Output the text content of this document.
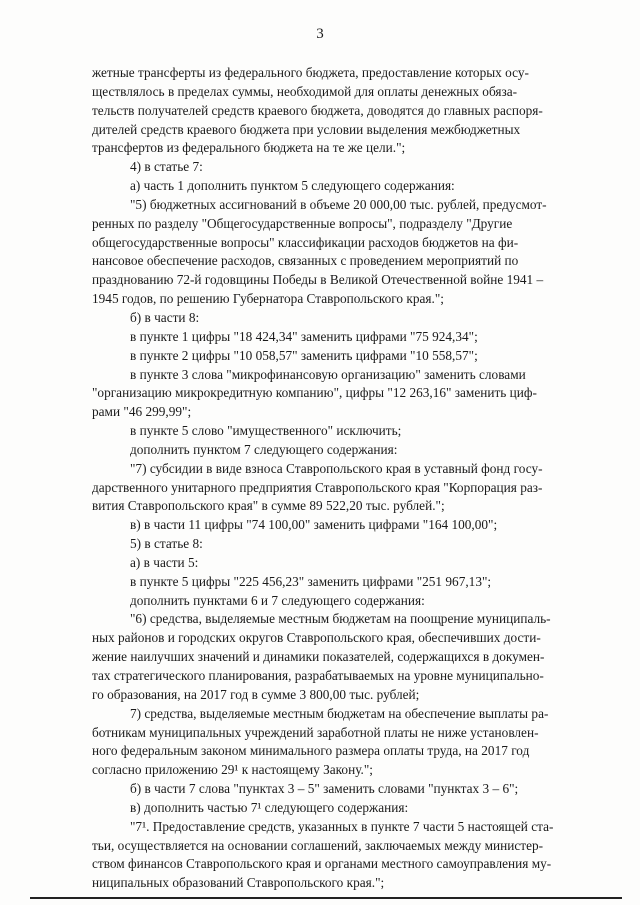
3

жетные трансферты из федерального бюджета, предоставление которых осу-

ществлялось в пределах суммы, необходимой для оплаты денежных обяза-

тельств получателей средств краевого бюджета, доводятся до главных распоря-

дителей средств краевого бюджета при условии выделения межбюджетных

трансфертов из федерального бюджета на те же цели.";

4) в статье 7:

а) часть 1 дополнить пунктом 5 следующего содержания:

"5) бюджетных ассигнований в объеме 20 000,00 тыс. рублей, предусмот-

ренных по разделу "Общегосударственные вопросы", подразделу "Другие

общегосударственные вопросы" классификации расходов бюджетов на фи-

нансовое обеспечение расходов, связанных с проведением мероприятий по

празднованию 72-й годовщины Победы в Великой Отечественной войне 1941 –

1945 годов, по решению Губернатора Ставропольского края.";

б) в части 8:

в пункте 1 цифры "18 424,34" заменить цифрами "75 924,34";

в пункте 2 цифры "10 058,57" заменить цифрами "10 558,57";

в пункте 3 слова "микрофинансовую организацию" заменить словами

"организацию микрокредитную компанию", цифры "12 263,16" заменить циф-

рами "46 299,99";

в пункте 5 слово "имущественного" исключить;

дополнить пунктом 7 следующего содержания:

"7) субсидии в виде взноса Ставропольского края в уставный фонд госу-

дарственного унитарного предприятия Ставропольского края "Корпорация раз-

вития Ставропольского края" в сумме 89 522,20 тыс. рублей.";

в) в части 11 цифры "74 100,00" заменить цифрами "164 100,00";

5) в статье 8:

а) в части 5:

в пункте 5 цифры "225 456,23" заменить цифрами "251 967,13";

дополнить пунктами 6 и 7 следующего содержания:

"6) средства, выделяемые местным бюджетам на поощрение муниципаль-

ных районов и городских округов Ставропольского края, обеспечивших дости-

жение наилучших значений и динамики показателей, содержащихся в докумен-

тах стратегического планирования, разрабатываемых на уровне муниципально-

го образования, на 2017 год в сумме 3 800,00 тыс. рублей;

7) средства, выделяемые местным бюджетам на обеспечение выплаты ра-

ботникам муниципальных учреждений заработной платы не ниже установлен-

ного федеральным законом минимального размера оплаты труда, на 2017 год

согласно приложению 29¹ к настоящему Закону.";

б) в части 7 слова "пунктах 3 – 5" заменить словами "пунктах 3 – 6";

в) дополнить частью 7¹ следующего содержания:

"7¹. Предоставление средств, указанных в пункте 7 части 5 настоящей ста-

тьи, осуществляется на основании соглашений, заключаемых между министер-

ством финансов Ставропольского края и органами местного самоуправления му-

ниципальных образований Ставропольского края.";
